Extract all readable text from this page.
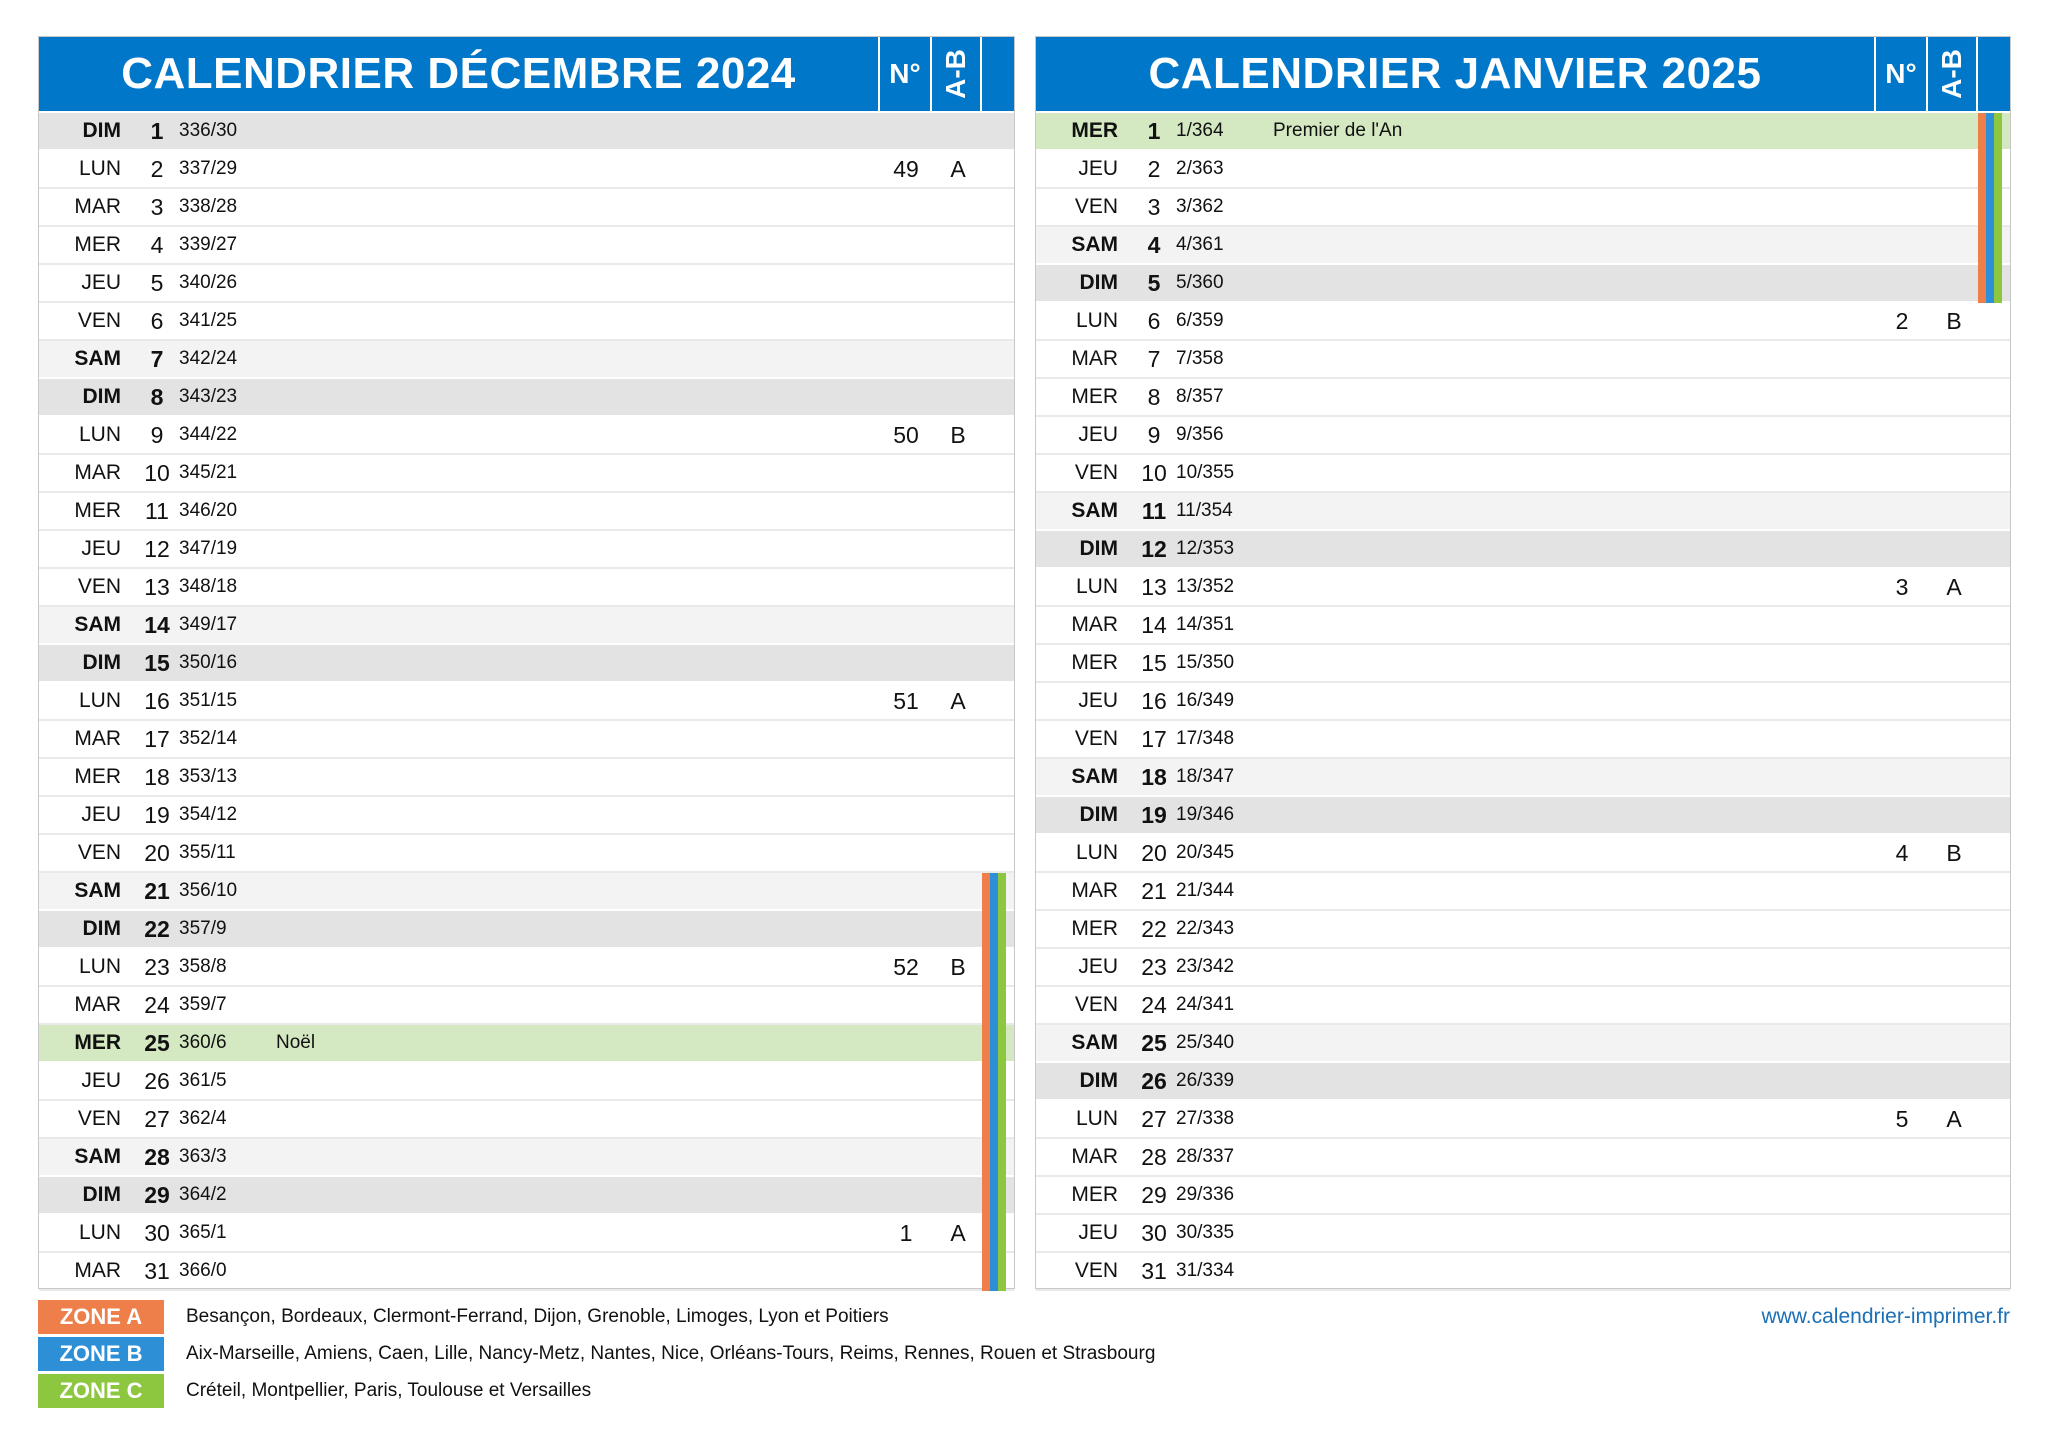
CALENDRIER DÉCEMBRE 2024	N° A-B
DIM	1 336/30
LUN	2 337/29	49	A
MAR	3 338/28
MER	4 339/27
JEU	5 340/26
VEN	6 341/25
SAM	7 342/24
DIM	8 343/23
LUN	9 344/22	50	B
MAR	10 345/21
MER	11 346/20
JEU	12 347/19
VEN	13 348/18
SAM	14 349/17
DIM	15 350/16
LUN	16 351/15	51	A
MAR	17 352/14
MER	18 353/13
JEU	19 354/12
VEN	20 355/11
SAM	21 356/10
DIM	22 357/9
LUN	23 358/8	52	B
MAR	24 359/7
MER	25 360/6	Noël
JEU	26 361/5
VEN	27 362/4
SAM	28 363/3
DIM	29 364/2
LUN	30 365/1	1	A
MAR	31 366/0
CALENDRIER JANVIER 2025	N° A-B
MER	1 1/364	Premier de l'An
JEU	2 2/363
VEN	3 3/362
SAM	4 4/361
DIM	5 5/360
LUN	6 6/359	2	B
MAR	7 7/358
MER	8 8/357
JEU	9 9/356
VEN	10 10/355
SAM	11 11/354
DIM	12 12/353
LUN	13 13/352	3	A
MAR	14 14/351
MER	15 15/350
JEU	16 16/349
VEN	17 17/348
SAM	18 18/347
DIM	19 19/346
LUN	20 20/345	4	B
MAR	21 21/344
MER	22 22/343
JEU	23 23/342
VEN	24 24/341
SAM	25 25/340
DIM	26 26/339
LUN	27 27/338	5	A
MAR	28 28/337
MER	29 29/336
JEU	30 30/335
VEN	31 31/334
ZONE A	Besançon, Bordeaux, Clermont-Ferrand, Dijon, Grenoble, Limoges, Lyon et Poitiers
ZONE B	Aix-Marseille, Amiens, Caen, Lille, Nancy-Metz, Nantes, Nice, Orléans-Tours, Reims, Rennes, Rouen et Strasbourg
ZONE C	Créteil, Montpellier, Paris, Toulouse et Versailles
www.calendrier-imprimer.fr
